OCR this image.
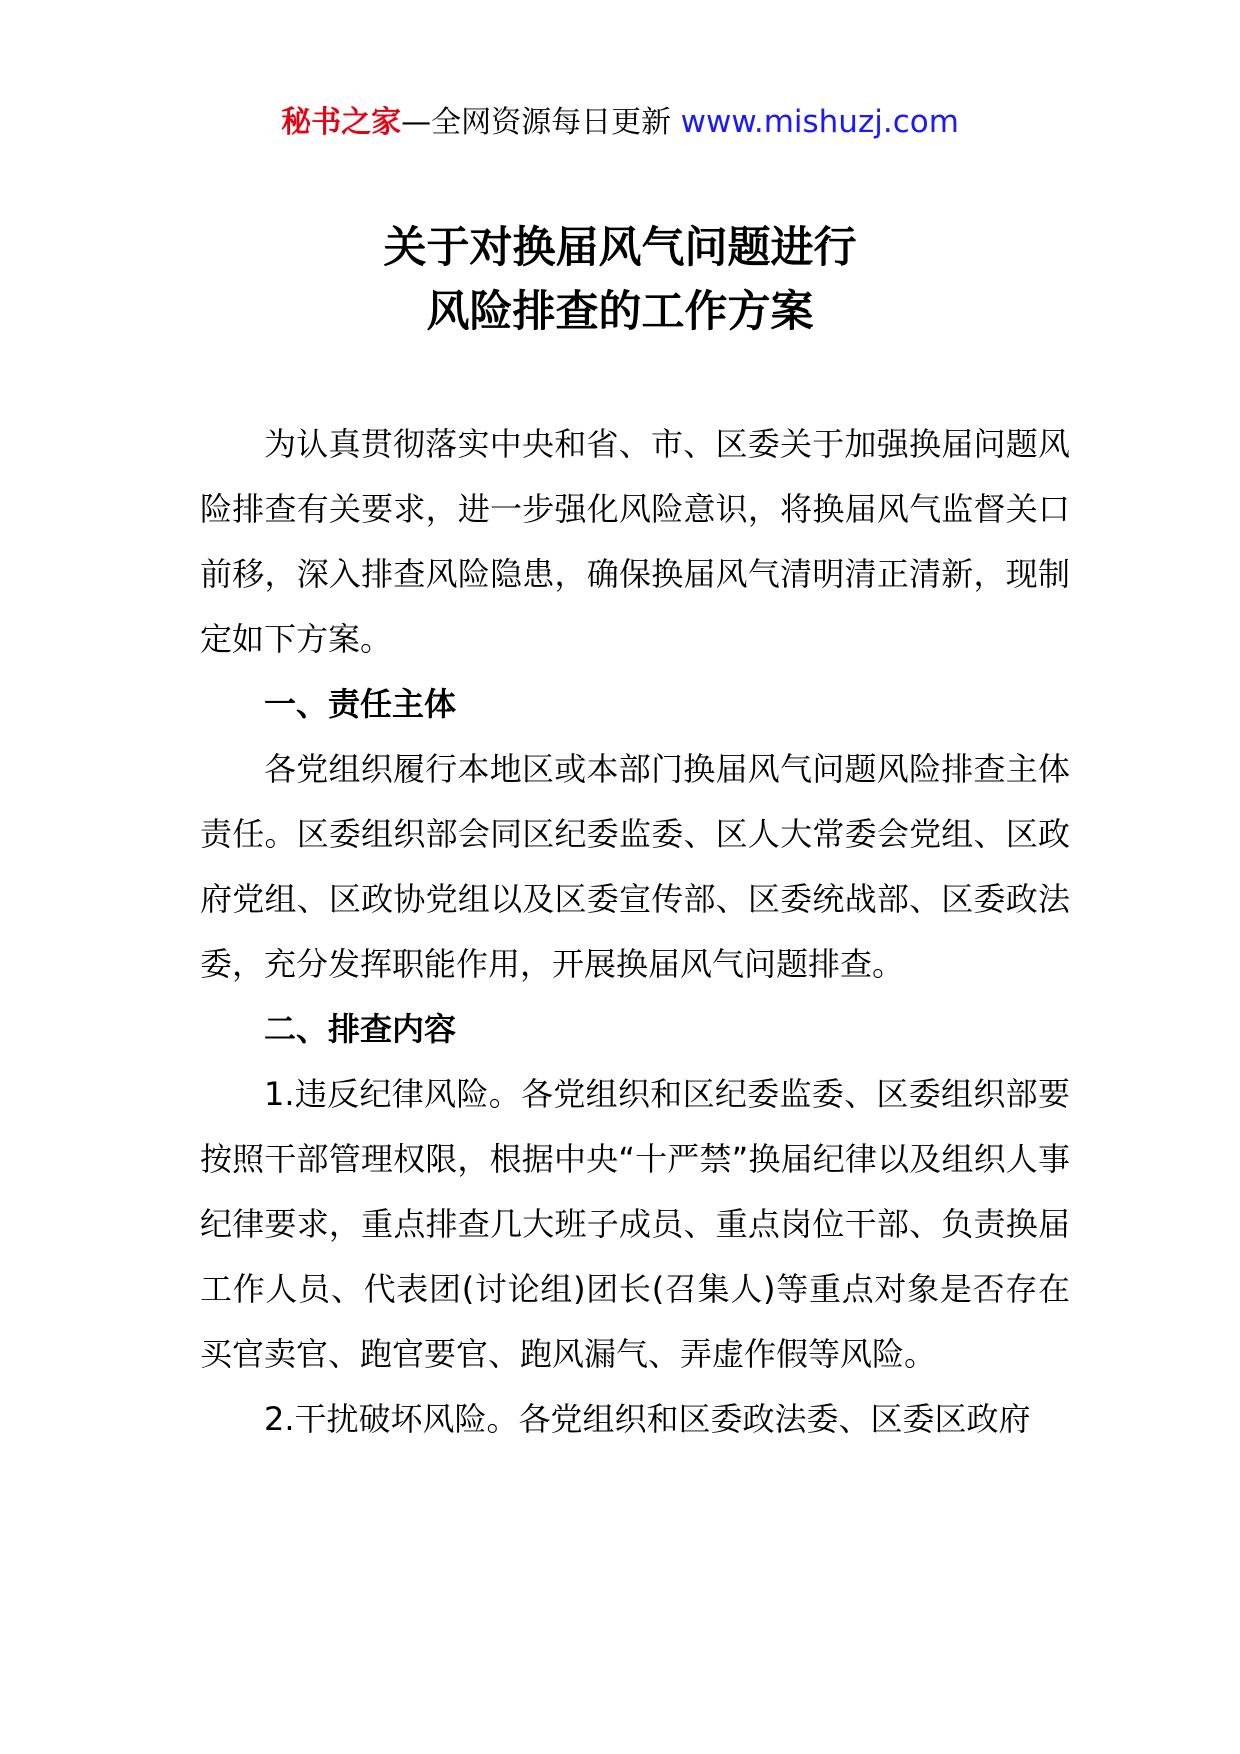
秘书之家—全网资源每日更新 www.mishuzj.com
关于对换届风气问题进行
风险排查的工作方案

为认真贯彻落实中央和省、市、区委关于加强换届问题风险排查有关要求，进一步强化风险意识，将换届风气监督关口前移，深入排查风险隐患，确保换届风气清明清正清新，现制定如下方案。

一、责任主体

各党组织履行本地区或本部门换届风气问题风险排查主体责任。区委组织部会同区纪委监委、区人大常委会党组、区政府党组、区政协党组以及区委宣传部、区委统战部、区委政法委，充分发挥职能作用，开展换届风气问题排查。

二、排查内容

1.违反纪律风险。各党组织和区纪委监委、区委组织部要按照干部管理权限，根据中央“十严禁”换届纪律以及组织人事纪律要求，重点排查几大班子成员、重点岗位干部、负责换届工作人员、代表团(讨论组)团长(召集人)等重点对象是否存在买官卖官、跑官要官、跑风漏气、弄虚作假等风险。

2.干扰破坏风险。各党组织和区委政法委、区委区政府
